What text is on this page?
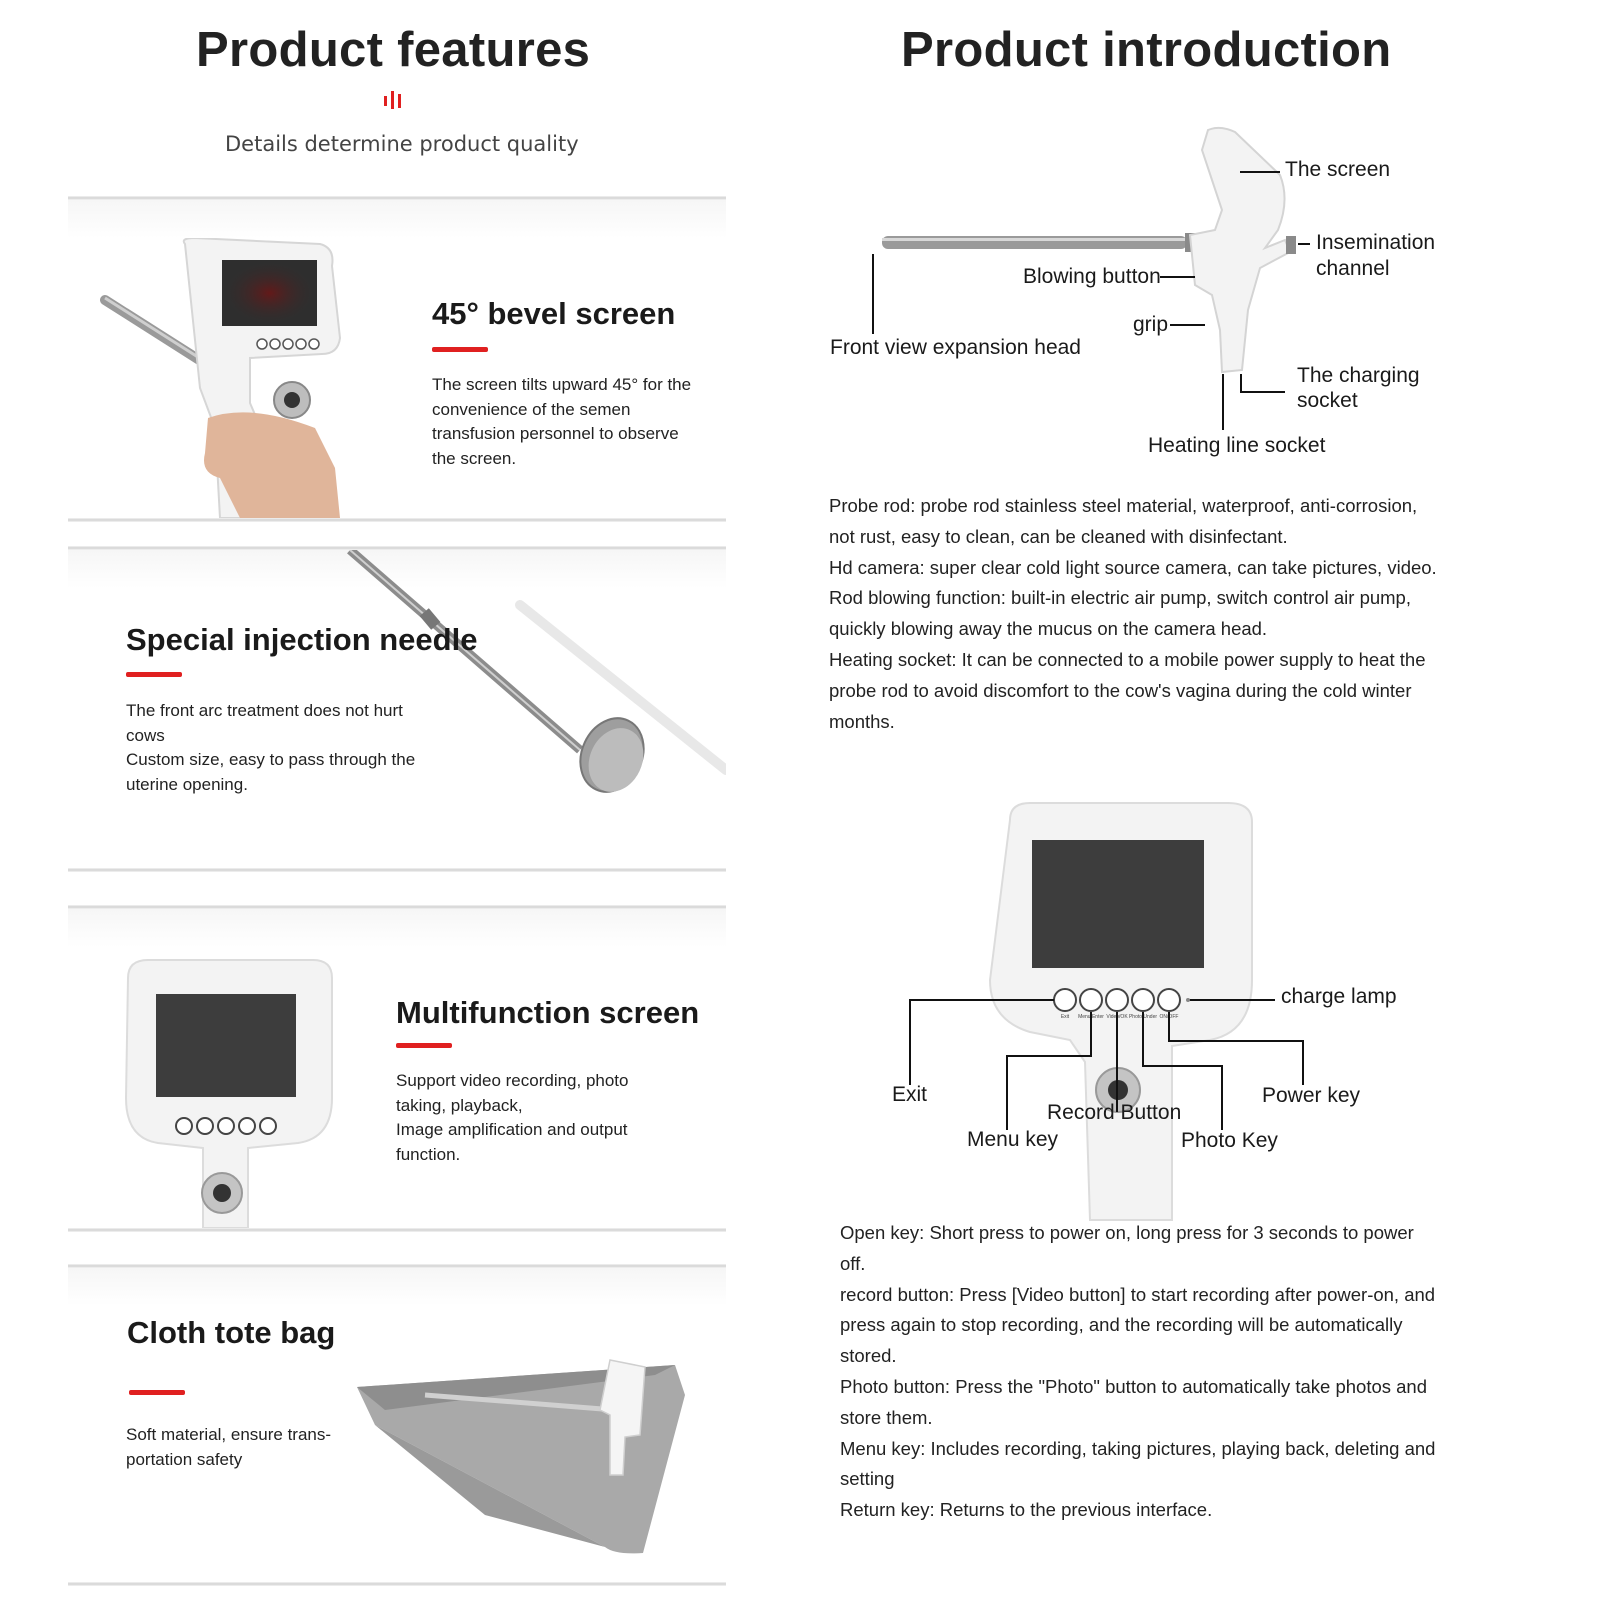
Product features
Details determine product quality
45° bevel screen
The screen tilts upward 45° for the convenience of the semen transfusion personnel to observe the screen.
Special injection needle
The front arc treatment does not hurt cows
Custom size, easy to pass through the uterine opening.
Multifunction screen
Support video recording, photo taking, playback,
Image amplification and output function.
Cloth tote bag
Soft material, ensure trans-portation safety
Product introduction
The screen
Insemination channel
Blowing button
grip
Front view expansion head
The charging socket
Heating line socket
Probe rod: probe rod stainless steel material, waterproof, anti-corrosion, not rust, easy to clean, can be cleaned with disinfectant.
Hd camera: super clear cold light source camera, can take pictures, video.
Rod blowing function: built-in electric air pump, switch control air pump, quickly blowing away the mucus on the camera head.
Heating socket: It can be connected to a mobile power supply to heat the probe rod to avoid discomfort to the cow's vagina during the cold winter months.
Exit Menu/Enter Video/OK Photo/Under ON/OFF
charge lamp
Exit	Power key
Record Button
Menu key	Photo Key
Open key: Short press to power on, long press for 3 seconds to power off.
record button: Press [Video button] to start recording after power-on, and press again to stop recording, and the recording will be automatically stored.
Photo button: Press the "Photo" button to automatically take photos and store them.
Menu key: Includes recording, taking pictures, playing back, deleting and setting
Return key: Returns to the previous interface.
